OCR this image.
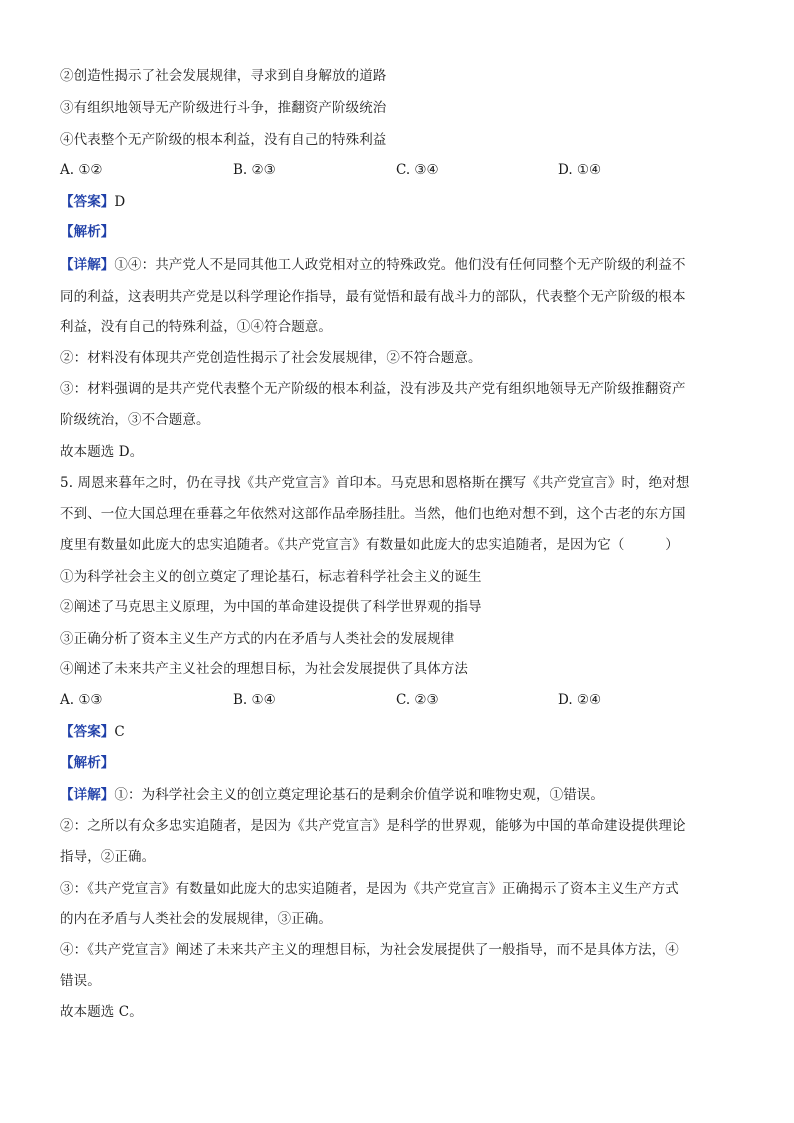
②创造性揭示了社会发展规律，寻求到自身解放的道路
③有组织地领导无产阶级进行斗争，推翻资产阶级统治
④代表整个无产阶级的根本利益，没有自己的特殊利益
A. ①②	B. ②③	C. ③④	D. ①④
【答案】D
【解析】
【详解】①④：共产党人不是同其他工人政党相对立的特殊政党。他们没有任何同整个无产阶级的利益不
同的利益，这表明共产党是以科学理论作指导，最有觉悟和最有战斗力的部队，代表整个无产阶级的根本
利益，没有自己的特殊利益，①④符合题意。
②：材料没有体现共产党创造性揭示了社会发展规律，②不符合题意。
③：材料强调的是共产党代表整个无产阶级的根本利益，没有涉及共产党有组织地领导无产阶级推翻资产
阶级统治，③不合题意。
故本题选 D。
5. 周恩来暮年之时，仍在寻找《共产党宣言》首印本。马克思和恩格斯在撰写《共产党宣言》时，绝对想
不到、一位大国总理在垂暮之年依然对这部作品牵肠挂肚。当然，他们也绝对想不到，这个古老的东方国
度里有数量如此庞大的忠实追随者。《共产党宣言》有数量如此庞大的忠实追随者，是因为它（　　　）
①为科学社会主义的创立奠定了理论基石，标志着科学社会主义的诞生
②阐述了马克思主义原理，为中国的革命建设提供了科学世界观的指导
③正确分析了资本主义生产方式的内在矛盾与人类社会的发展规律
④阐述了未来共产主义社会的理想目标，为社会发展提供了具体方法
A. ①③	B. ①④	C. ②③	D. ②④
【答案】C
【解析】
【详解】①：为科学社会主义的创立奠定理论基石的是剩余价值学说和唯物史观，①错误。
②：之所以有众多忠实追随者，是因为《共产党宣言》是科学的世界观，能够为中国的革命建设提供理论
指导，②正确。
③：《共产党宣言》有数量如此庞大的忠实追随者，是因为《共产党宣言》正确揭示了资本主义生产方式
的内在矛盾与人类社会的发展规律，③正确。
④：《共产党宣言》阐述了未来共产主义的理想目标，为社会发展提供了一般指导，而不是具体方法，④
错误。
故本题选 C。
